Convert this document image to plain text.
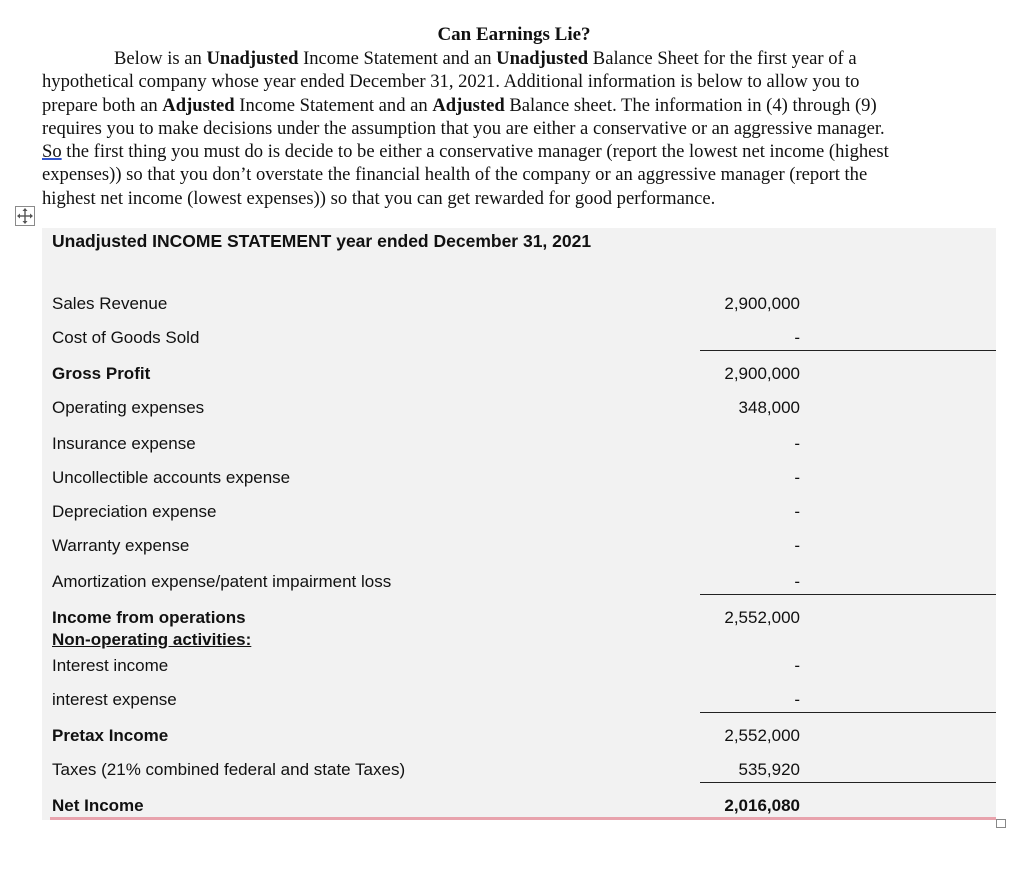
Can Earnings Lie?
Below is an Unadjusted Income Statement and an Unadjusted Balance Sheet for the first year of a
hypothetical company whose year ended December 31, 2021. Additional information is below to allow you to
prepare both an Adjusted Income Statement and an Adjusted Balance sheet. The information in (4) through (9)
requires you to make decisions under the assumption that you are either a conservative or an aggressive manager.
So the first thing you must do is decide to be either a conservative manager (report the lowest net income (highest
expenses)) so that you don’t overstate the financial health of the company or an aggressive manager (report the
highest net income (lowest expenses)) so that you can get rewarded for good performance.
Unadjusted INCOME STATEMENT year ended December 31, 2021
Sales Revenue	2,900,000
Cost of Goods Sold	-
Gross Profit	2,900,000
Operating expenses	348,000
Insurance expense	-
Uncollectible accounts expense	-
Depreciation expense	-
Warranty expense	-
Amortization expense/patent impairment loss	-
Income from operations	2,552,000
Non-operating activities:
Interest income	-
interest expense	-
Pretax Income	2,552,000
Taxes (21% combined federal and state Taxes)	535,920
Net Income	2,016,080
